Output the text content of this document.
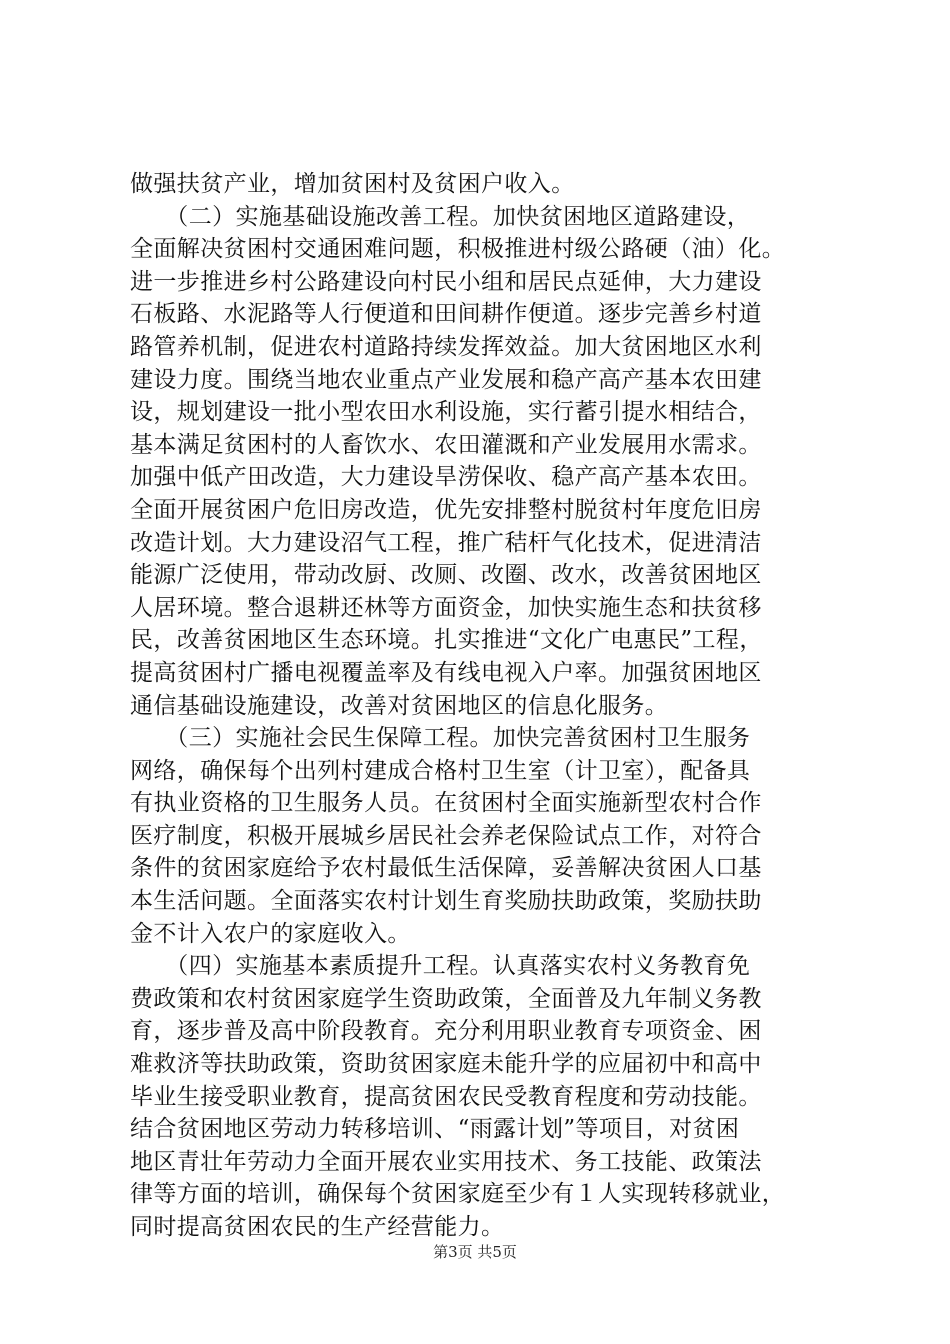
做强扶贫产业，增加贫困村及贫困户收入。
　　（二）实施基础设施改善工程。加快贫困地区道路建设，
全面解决贫困村交通困难问题，积极推进村级公路硬（油）化。
进一步推进乡村公路建设向村民小组和居民点延伸，大力建设
石板路、水泥路等人行便道和田间耕作便道。逐步完善乡村道
路管养机制，促进农村道路持续发挥效益。加大贫困地区水利
建设力度。围绕当地农业重点产业发展和稳产高产基本农田建
设，规划建设一批小型农田水利设施，实行蓄引提水相结合，
基本满足贫困村的人畜饮水、农田灌溉和产业发展用水需求。
加强中低产田改造，大力建设旱涝保收、稳产高产基本农田。
全面开展贫困户危旧房改造，优先安排整村脱贫村年度危旧房
改造计划。大力建设沼气工程，推广秸杆气化技术，促进清洁
能源广泛使用，带动改厨、改厕、改圈、改水，改善贫困地区
人居环境。整合退耕还林等方面资金，加快实施生态和扶贫移
民，改善贫困地区生态环境。扎实推进“文化广电惠民”工程，
提高贫困村广播电视覆盖率及有线电视入户率。加强贫困地区
通信基础设施建设，改善对贫困地区的信息化服务。
　　（三）实施社会民生保障工程。加快完善贫困村卫生服务
网络，确保每个出列村建成合格村卫生室（计卫室），配备具
有执业资格的卫生服务人员。在贫困村全面实施新型农村合作
医疗制度，积极开展城乡居民社会养老保险试点工作，对符合
条件的贫困家庭给予农村最低生活保障，妥善解决贫困人口基
本生活问题。全面落实农村计划生育奖励扶助政策，奖励扶助
金不计入农户的家庭收入。
　　（四）实施基本素质提升工程。认真落实农村义务教育免
费政策和农村贫困家庭学生资助政策，全面普及九年制义务教
育，逐步普及高中阶段教育。充分利用职业教育专项资金、困
难救济等扶助政策，资助贫困家庭未能升学的应届初中和高中
毕业生接受职业教育，提高贫困农民受教育程度和劳动技能。
结合贫困地区劳动力转移培训、“雨露计划”等项目，对贫困
地区青壮年劳动力全面开展农业实用技术、务工技能、政策法
律等方面的培训，确保每个贫困家庭至少有１人实现转移就业，
同时提高贫困农民的生产经营能力。
第3页 共5页
